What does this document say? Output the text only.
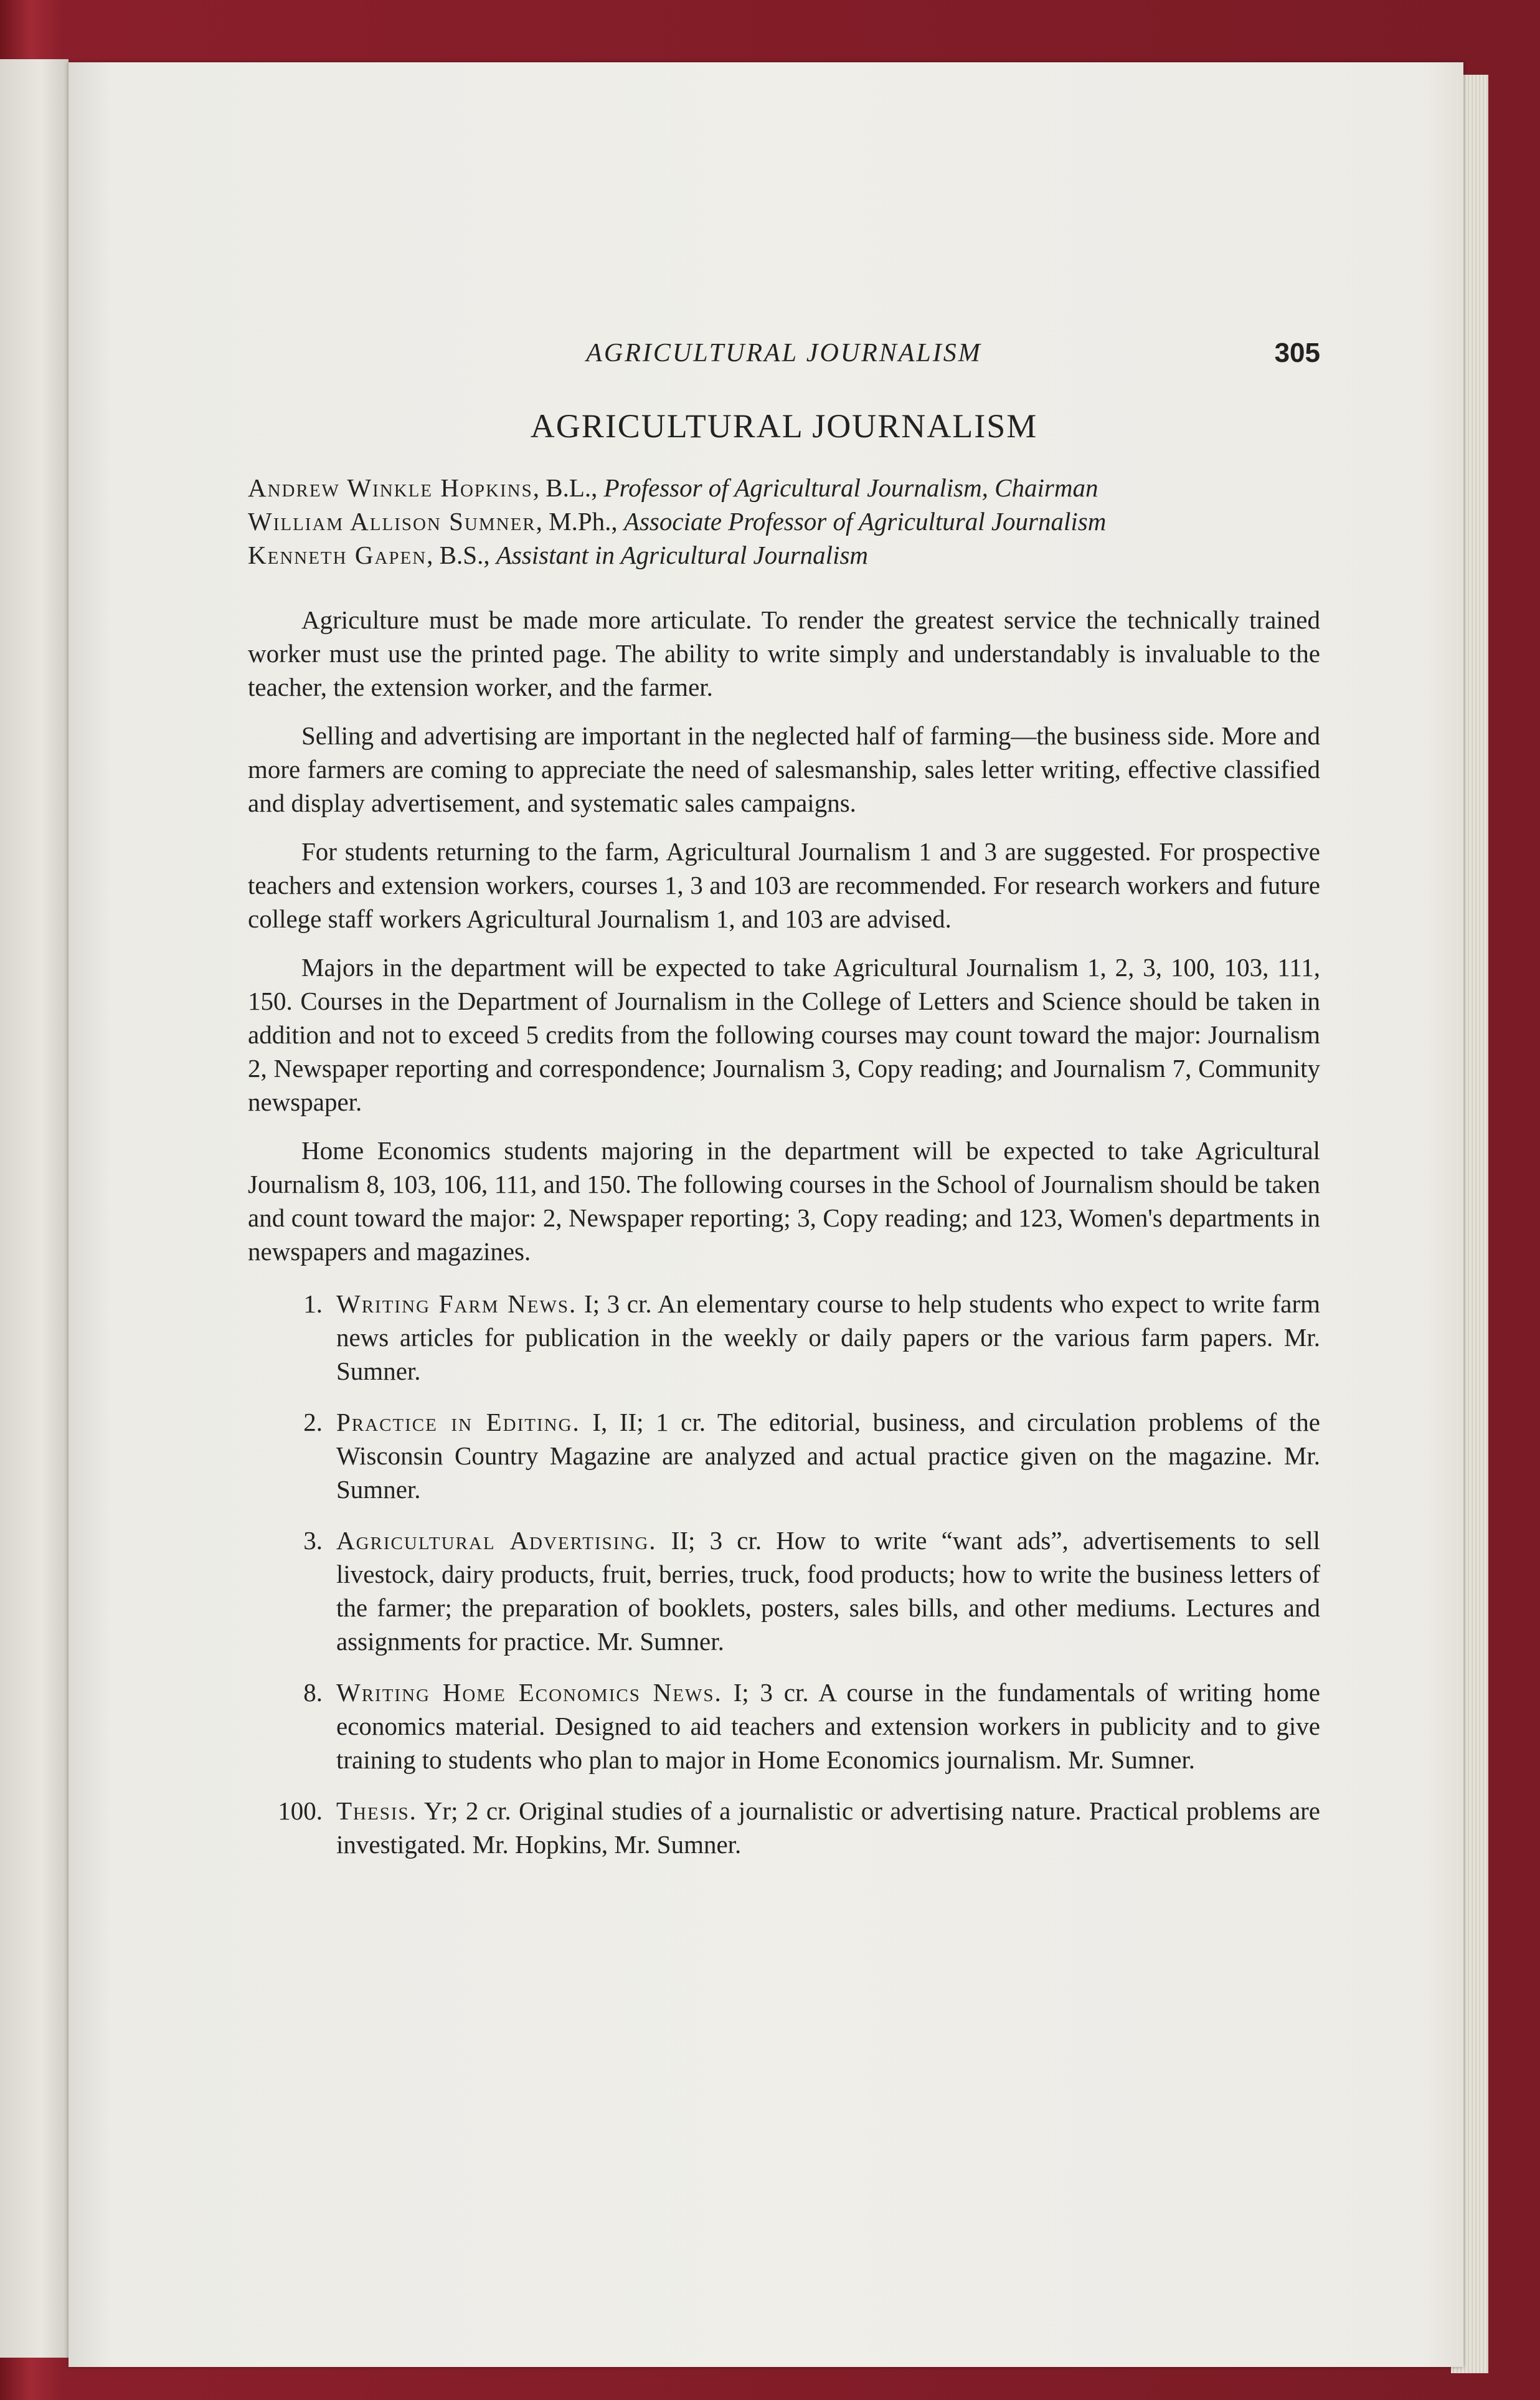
AGRICULTURAL JOURNALISM	305
AGRICULTURAL JOURNALISM
Andrew Winkle Hopkins, B.L., Professor of Agricultural Journalism, Chairman
William Allison Sumner, M.Ph., Associate Professor of Agricultural Journalism
Kenneth Gapen, B.S., Assistant in Agricultural Journalism

Agriculture must be made more articulate. To render the greatest service the technically trained worker must use the printed page. The ability to write simply and understandably is invaluable to the teacher, the extension worker, and the farmer.

Selling and advertising are important in the neglected half of farming—the business side. More and more farmers are coming to appreciate the need of salesmanship, sales letter writing, effective classified and display advertisement, and systematic sales campaigns.

For students returning to the farm, Agricultural Journalism 1 and 3 are suggested. For prospective teachers and extension workers, courses 1, 3 and 103 are recommended. For research workers and future college staff workers Agricultural Journalism 1, and 103 are advised.

Majors in the department will be expected to take Agricultural Journalism 1, 2, 3, 100, 103, 111, 150. Courses in the Department of Journalism in the College of Letters and Science should be taken in addition and not to exceed 5 credits from the following courses may count toward the major: Journalism 2, Newspaper reporting and correspondence; Journalism 3, Copy reading; and Journalism 7, Community newspaper.

Home Economics students majoring in the department will be expected to take Agricultural Journalism 8, 103, 106, 111, and 150. The following courses in the School of Journalism should be taken and count toward the major: 2, Newspaper reporting; 3, Copy reading; and 123, Women's departments in newspapers and magazines.

1. Writing Farm News. I; 3 cr. An elementary course to help students who expect to write farm news articles for publication in the weekly or daily papers or the various farm papers. Mr. Sumner.
2. Practice in Editing. I, II; 1 cr. The editorial, business, and circulation problems of the Wisconsin Country Magazine are analyzed and actual practice given on the magazine. Mr. Sumner.
3. Agricultural Advertising. II; 3 cr. How to write “want ads”, advertisements to sell livestock, dairy products, fruit, berries, truck, food products; how to write the business letters of the farmer; the preparation of booklets, posters, sales bills, and other mediums. Lectures and assignments for practice. Mr. Sumner.
8. Writing Home Economics News. I; 3 cr. A course in the fundamentals of writing home economics material. Designed to aid teachers and extension workers in publicity and to give training to students who plan to major in Home Economics journalism. Mr. Sumner.
100. Thesis. Yr; 2 cr. Original studies of a journalistic or advertising nature. Practical problems are investigated. Mr. Hopkins, Mr. Sumner.
